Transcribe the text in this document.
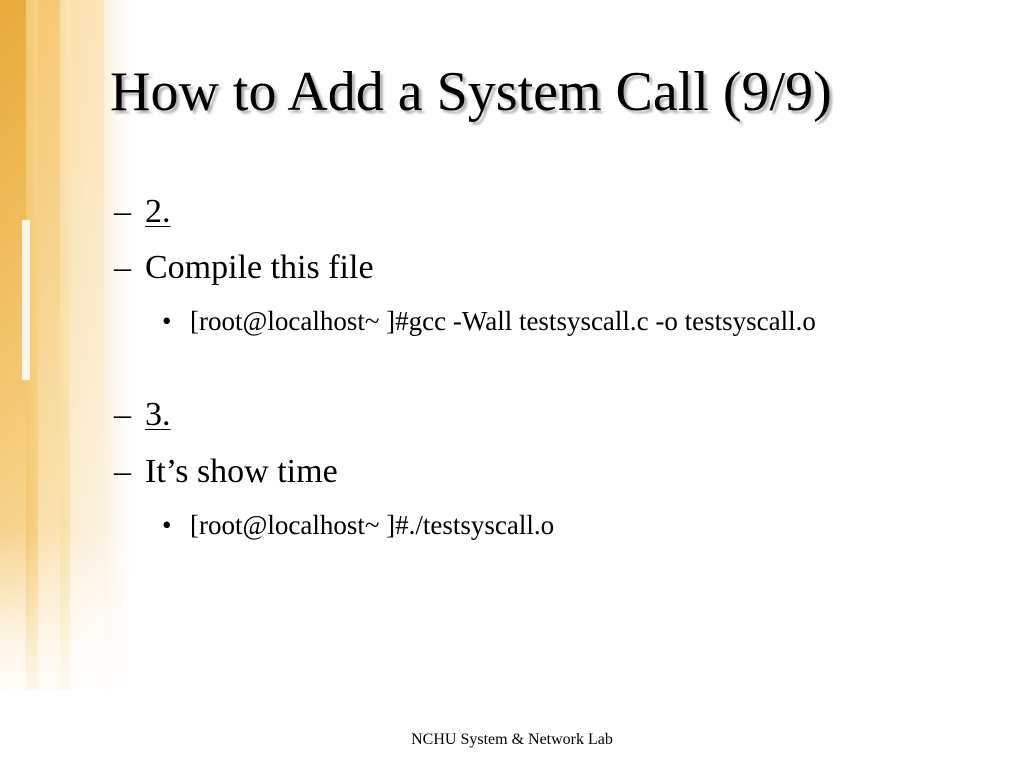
How to Add a System Call (9/9)
– 2.
– Compile this file
• [root@localhost~ ]#gcc -Wall testsyscall.c -o testsyscall.o
– 3.
– It’s show time
• [root@localhost~ ]#./testsyscall.o
NCHU System & Network Lab
